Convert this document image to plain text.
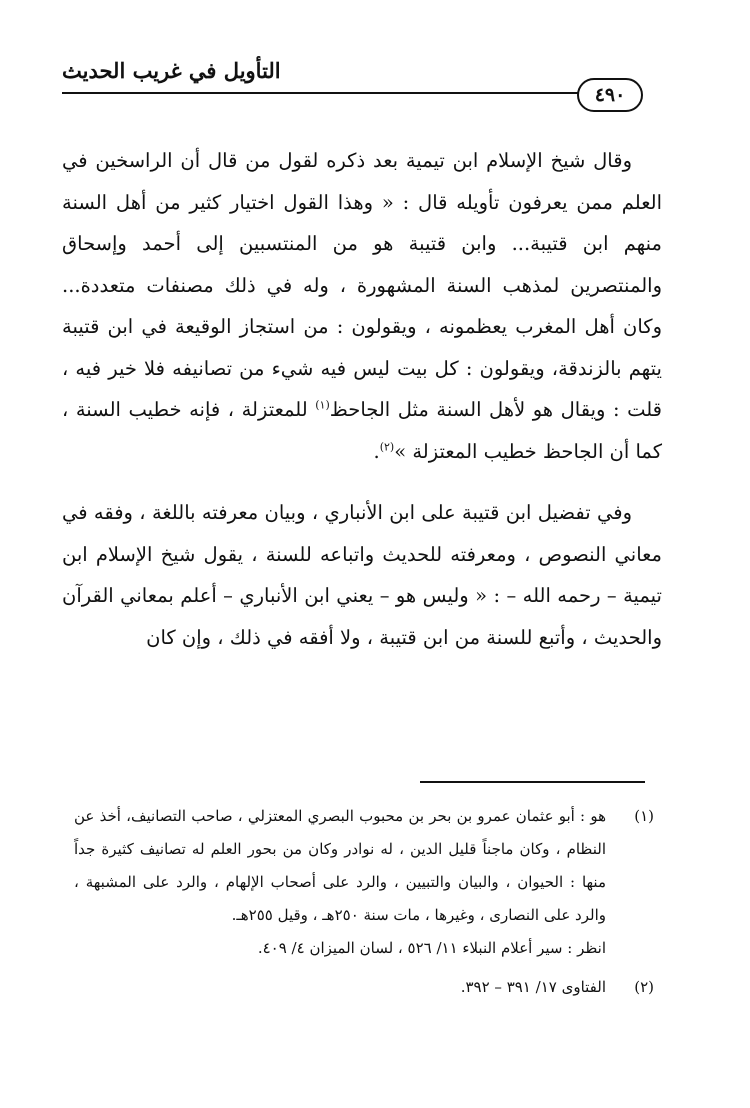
التأويل في غريب الحديث
٤٩٠

وقال شيخ الإسلام ابن تيمية بعد ذكره لقول من قال أن الراسخين في العلم ممن يعرفون تأويله قال : « وهذا القول اختيار كثير من أهل السنة منهم ابن قتيبة... وابن قتيبة هو من المنتسبين إلى أحمد وإسحاق والمنتصرين لمذهب السنة المشهورة ، وله في ذلك مصنفات متعددة... وكان أهل المغرب يعظمونه ، ويقولون : من استجاز الوقيعة في ابن قتيبة يتهم بالزندقة، ويقولون : كل بيت ليس فيه شيء من تصانيفه فلا خير فيه ، قلت : ويقال هو لأهل السنة مثل الجاحظ$^{(١)}$ للمعتزلة ، فإنه خطيب السنة ، كما أن الجاحظ خطيب المعتزلة »$^{(٢)}$.

وفي تفضيل ابن قتيبة على ابن الأنباري ، وبيان معرفته باللغة ، وفقه في معاني النصوص ، ومعرفته للحديث واتباعه للسنة ، يقول شيخ الإسلام ابن تيمية – رحمه الله – : « وليس هو – يعني ابن الأنباري – أعلم بمعاني القرآن والحديث ، وأتبع للسنة من ابن قتيبة ، ولا أفقه في ذلك ، وإن كان

(١)
هو : أبو عثمان عمرو بن بحر بن محبوب البصري المعتزلي ، صاحب التصانيف، أخذ عن النظام ، وكان ماجناً قليل الدين ، له نوادر وكان من بحور العلم له تصانيف كثيرة جداً منها : الحيوان ، والبيان والتبيين ، والرد على أصحاب الإلهام ، والرد على المشبهة ، والرد على النصارى ، وغيرها ، مات سنة ٢٥٠هـ ، وقيل ٢٥٥هـ.
انظر : سير أعلام النبلاء ١١/ ٥٢٦ ، لسان الميزان ٤/ ٤٠٩.
(٢)
الفتاوى ١٧/ ٣٩١ – ٣٩٢.
